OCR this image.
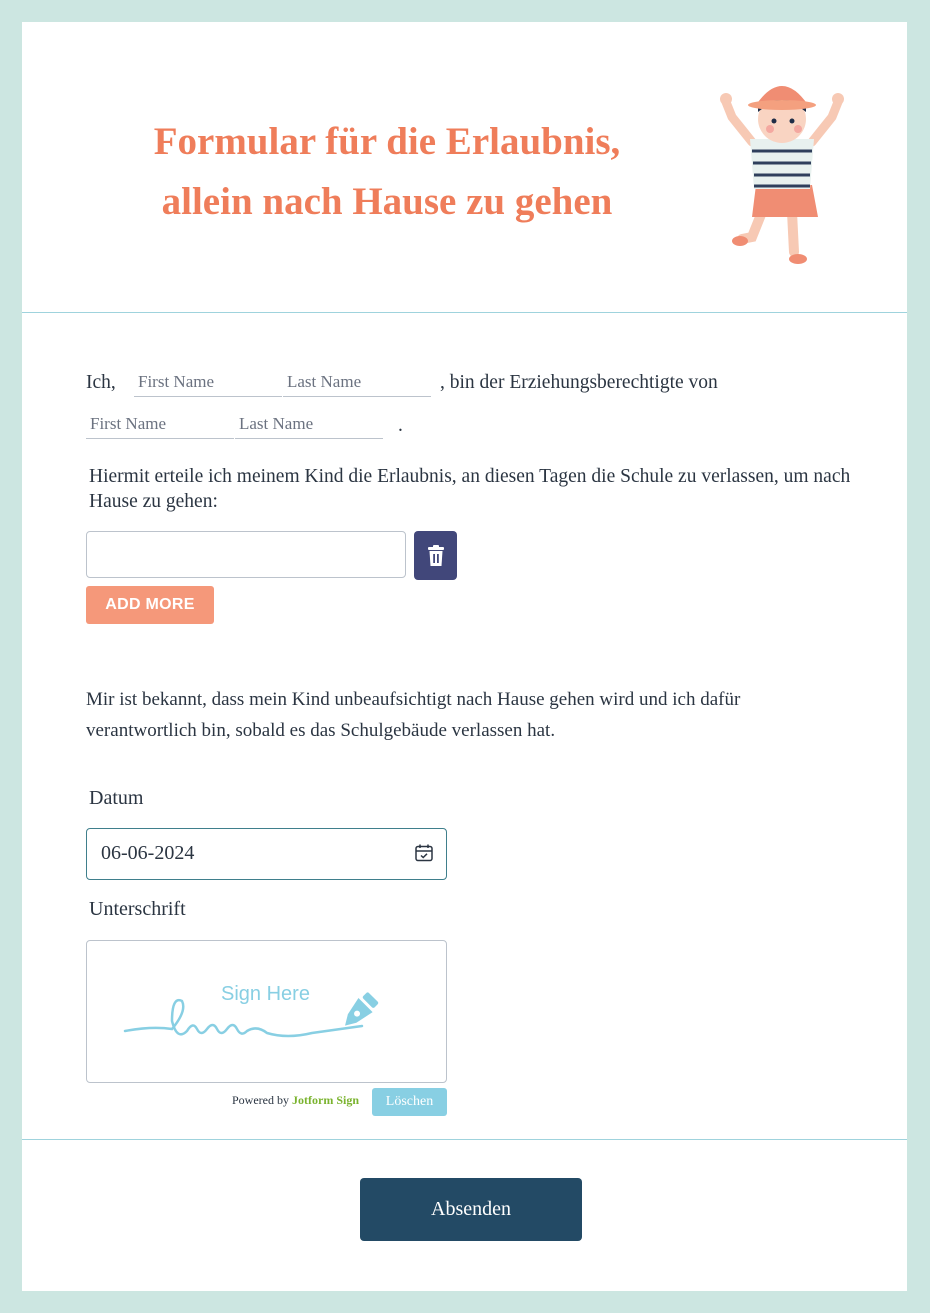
Formular für die Erlaubnis,
allein nach Hause zu gehen
Ich,
First Name
Last Name	, bin der Erziehungsberechtigte von
First Name
Last Name
.
Hiermit erteile ich meinem Kind die Erlaubnis, an diesen Tagen die Schule zu verlassen, um nach Hause zu gehen:
ADD MORE
Mir ist bekannt, dass mein Kind unbeaufsichtigt nach Hause gehen wird und ich dafür
verantwortlich bin, sobald es das Schulgebäude verlassen hat.
Datum
06-06-2024
Unterschrift
Sign Here
Powered by Jotform Sign	Löschen
Absenden
